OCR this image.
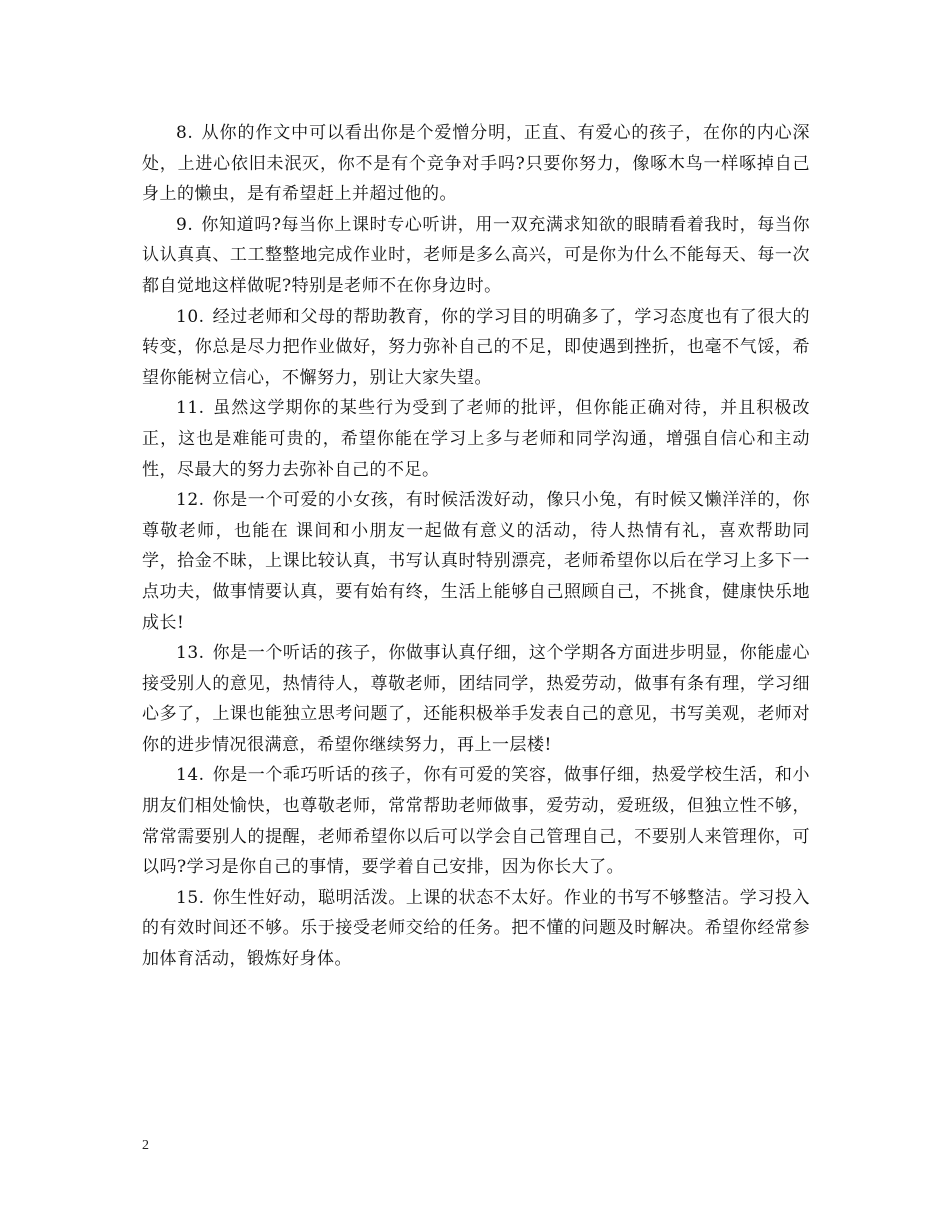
8. 从你的作文中可以看出你是个爱憎分明，正直、有爱心的孩子，在你的内心深处，上进心依旧未泯灭，你不是有个竞争对手吗?只要你努力，像啄木鸟一样啄掉自己身上的懒虫，是有希望赶上并超过他的。

9. 你知道吗?每当你上课时专心听讲，用一双充满求知欲的眼睛看着我时，每当你认认真真、工工整整地完成作业时，老师是多么高兴，可是你为什么不能每天、每一次都自觉地这样做呢?特别是老师不在你身边时。

10. 经过老师和父母的帮助教育，你的学习目的明确多了，学习态度也有了很大的转变，你总是尽力把作业做好，努力弥补自己的不足，即使遇到挫折，也毫不气馁，希望你能树立信心，不懈努力，别让大家失望。

11. 虽然这学期你的某些行为受到了老师的批评，但你能正确对待，并且积极改正，这也是难能可贵的，希望你能在学习上多与老师和同学沟通，增强自信心和主动性，尽最大的努力去弥补自己的不足。

12. 你是一个可爱的小女孩，有时候活泼好动，像只小兔，有时候又懒洋洋的，你尊敬老师，也能在 课间和小朋友一起做有意义的活动，待人热情有礼，喜欢帮助同学，拾金不昧，上课比较认真，书写认真时特别漂亮，老师希望你以后在学习上多下一点功夫，做事情要认真，要有始有终，生活上能够自己照顾自己，不挑食，健康快乐地成长!

13. 你是一个听话的孩子，你做事认真仔细，这个学期各方面进步明显，你能虚心接受别人的意见，热情待人，尊敬老师，团结同学，热爱劳动，做事有条有理，学习细心多了，上课也能独立思考问题了，还能积极举手发表自己的意见，书写美观，老师对你的进步情况很满意，希望你继续努力，再上一层楼!

14. 你是一个乖巧听话的孩子，你有可爱的笑容，做事仔细，热爱学校生活，和小朋友们相处愉快，也尊敬老师，常常帮助老师做事，爱劳动，爱班级，但独立性不够，常常需要别人的提醒，老师希望你以后可以学会自己管理自己，不要别人来管理你，可以吗?学习是你自己的事情，要学着自己安排，因为你长大了。

15. 你生性好动，聪明活泼。上课的状态不太好。作业的书写不够整洁。学习投入的有效时间还不够。乐于接受老师交给的任务。把不懂的问题及时解决。希望你经常参加体育活动，锻炼好身体。

2
